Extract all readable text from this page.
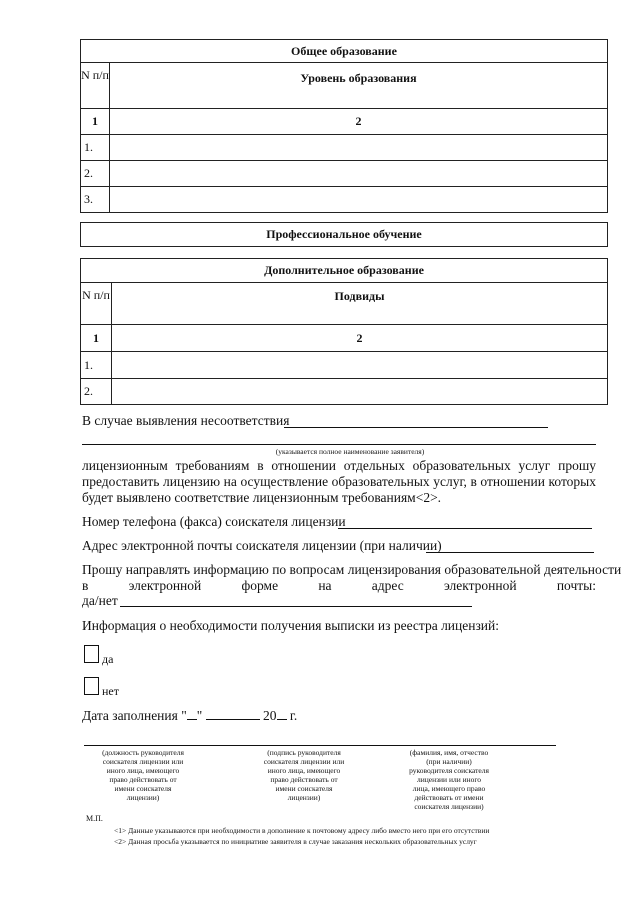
Общее образование	
N п/п	Уровень образования
1	2
1.	
2.	
3.	
Профессиональное обучение
Дополнительное образование	
N п/п	Подвиды
1	2
1.	
2.	
В случае выявления несоответствия
(указывается полное наименование заявителя)
лицензионным требованиям в отношении отдельных образовательных услуг прошу
предоставить лицензию на осуществление образовательных услуг, в отношении которых
будет выявлено соответствие лицензионным требованиям<2>.
Номер телефона (факса) соискателя лицензии
Адрес электронной почты соискателя лицензии (при наличии)
Прошу направлять информацию по вопросам лицензирования образовательной деятельности
в	электронной	форме	на	адрес	электронной	почты:
да/нет
Информация о необходимости получения выписки из реестра лицензий:
да
нет
Дата заполнения " "	20 г.
(должность руководителя
соискателя лицензии или
иного лица, имеющего
право действовать от
имени соискателя
лицензии)
(подпись руководителя
соискателя лицензии или
иного лица, имеющего
право действовать от
имени соискателя
лицензии)
(фамилия, имя, отчество
(при наличии)
руководителя соискателя
лицензии или иного
лица, имеющего право
действовать от имени
соискателя лицензии)
М.П.
<1> Данные указываются при необходимости в дополнение к почтовому адресу либо вместо него при его отсутствии
<2> Данная просьба указывается по инициативе заявителя в случае заказания нескольких образовательных услуг
